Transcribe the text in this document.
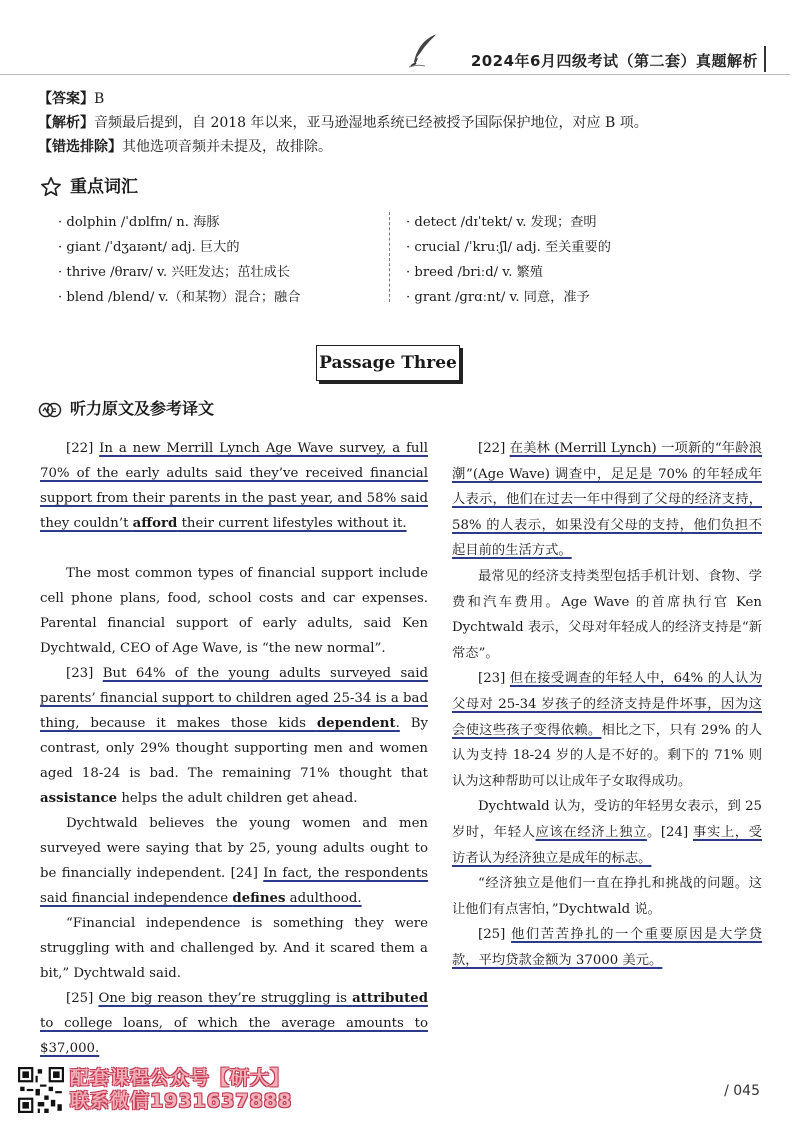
2024年6月四级考试（第二套）真题解析
【答案】B
【解析】音频最后提到，自 2018 年以来，亚马逊湿地系统已经被授予国际保护地位，对应 B 项。
【错选排除】其他选项音频并未提及，故排除。
重点词汇
· dolphin /ˈdɒlfɪn/ n. 海豚
· giant /ˈdʒaɪənt/ adj. 巨大的
· thrive /θraɪv/ v. 兴旺发达；茁壮成长
· blend /blend/ v.（和某物）混合；融合
· detect /dɪˈtekt/ v. 发现；查明
· crucial /ˈkruːʃl/ adj. 至关重要的
· breed /briːd/ v. 繁殖
· grant /ɡrɑːnt/ v. 同意，准予
Passage Three
听力原文及参考译文

[22] In a new Merrill Lynch Age Wave survey, a full 70% of the early adults said they’ve received financial support from their parents in the past year, and 58% said they couldn’t afford their current lifestyles without it.

The most common types of financial support include cell phone plans, food, school costs and car expenses. Parental financial support of early adults, said Ken Dychtwald, CEO of Age Wave, is “the new normal”.

[23] But 64% of the young adults surveyed said parents’ financial support to children aged 25-34 is a bad thing, because it makes those kids dependent. By contrast, only 29% thought supporting men and women aged 18-24 is bad. The remaining 71% thought that assistance helps the adult children get ahead.

Dychtwald believes the young women and men surveyed were saying that by 25, young adults ought to be financially independent. [24] In fact, the respondents said financial independence defines adulthood.

“Financial independence is something they were struggling with and challenged by. And it scared them a bit,” Dychtwald said.

[25] One big reason they’re struggling is attributed to college loans, of which the average amounts to $37,000.

[22] 在美林 (Merrill Lynch) 一项新的“年龄浪潮”(Age Wave) 调查中，足足是 70% 的年轻成年人表示，他们在过去一年中得到了父母的经济支持，58% 的人表示，如果没有父母的支持，他们负担不起目前的生活方式。

最常见的经济支持类型包括手机计划、食物、学费和汽车费用。Age Wave 的首席执行官 Ken Dychtwald 表示，父母对年轻成人的经济支持是“新常态”。

[23] 但在接受调查的年轻人中，64% 的人认为父母对 25-34 岁孩子的经济支持是件坏事，因为这会使这些孩子变得依赖。相比之下，只有 29% 的人认为支持 18-24 岁的人是不好的。剩下的 71% 则认为这种帮助可以让成年子女取得成功。

Dychtwald 认为，受访的年轻男女表示，到 25 岁时，年轻人应该在经济上独立。[24] 事实上，受访者认为经济独立是成年的标志。

“经济独立是他们一直在挣扎和挑战的问题。这让他们有点害怕，”Dychtwald 说。

[25] 他们苦苦挣扎的一个重要原因是大学贷款，平均贷款金额为 37000 美元。

配套课程公众号【研大】
联系微信1931637888	/ 045
